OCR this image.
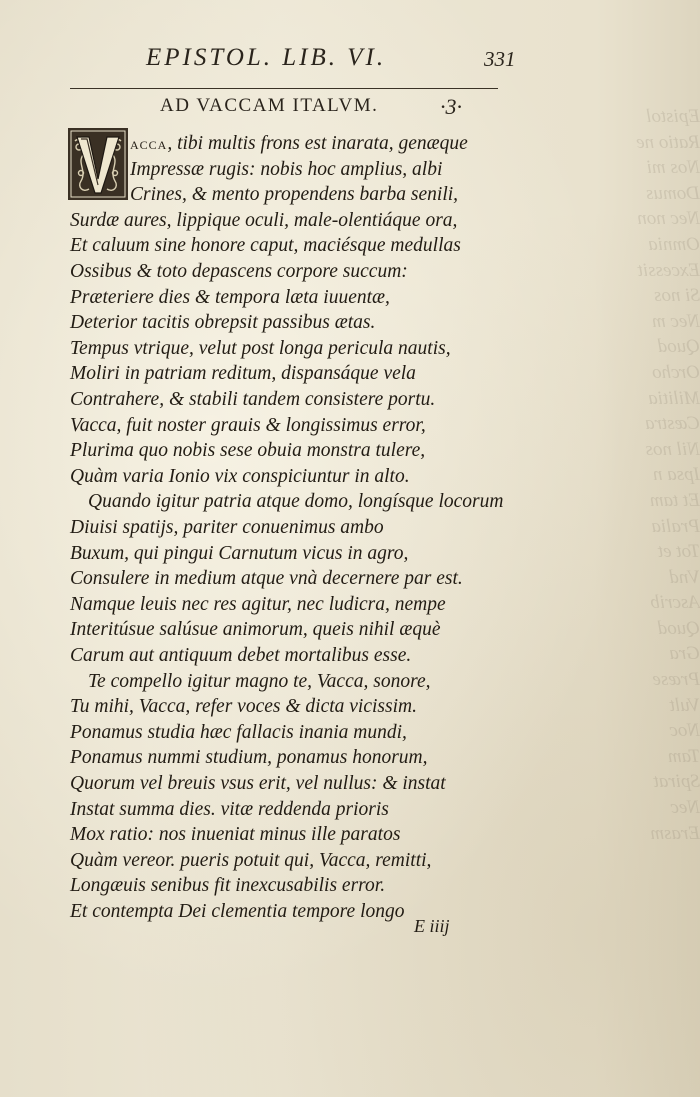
Epistol
Ratio ne
Nos mi
Domus
Nec non
Omnia
Excessit
Si nos
Nec m
Quod
Orcho
Militia
Cæstra
Nil nos
Ipsa n
Et tam
Pralia
Tot et
Vnd
Ascrib
Quod
Gra
Præse
Vult
Noc
Tam
Spirat
Nec
Erasm
EPISTOL. LIB. VI.	331
AD VACCAM ITALVM.	·3·

acca, tibi multis frons est inarata, genæque

Impressæ rugis: nobis hoc amplius, albi

Crines, & mento propendens barba senili,

Surdæ aures, lippique oculi, male-olentiáque ora,

Et caluum sine honore caput, maciésque medullas

Ossibus & toto depascens corpore succum:

Præteriere dies & tempora læta iuuentæ,

Deterior tacitis obrepsit passibus ætas.

Tempus vtrique, velut post longa pericula nautis,

Moliri in patriam reditum, dispansáque vela

Contrahere, & stabili tandem consistere portu.

Vacca, fuit noster grauis & longissimus error,

Plurima quo nobis sese obuia monstra tulere,

Quàm varia Ionio vix conspiciuntur in alto.

Quando igitur patria atque domo, longísque locorum

Diuisi spatijs, pariter conuenimus ambo

Buxum, qui pingui Carnutum vicus in agro,

Consulere in medium atque vnà decernere par est.

Namque leuis nec res agitur, nec ludicra, nempe

Interitúsue salúsue animorum, queis nihil æquè

Carum aut antiquum debet mortalibus esse.

Te compello igitur magno te, Vacca, sonore,

Tu mihi, Vacca, refer voces & dicta vicissim.

Ponamus studia hæc fallacis inania mundi,

Ponamus nummi studium, ponamus honorum,

Quorum vel breuis vsus erit, vel nullus: & instat

Instat summa dies. vitæ reddenda prioris

Mox ratio: nos inueniat minus ille paratos

Quàm vereor. pueris potuit qui, Vacca, remitti,

Longæuis senibus fit inexcusabilis error.

Et contempta Dei clementia tempore longo

E iiij
